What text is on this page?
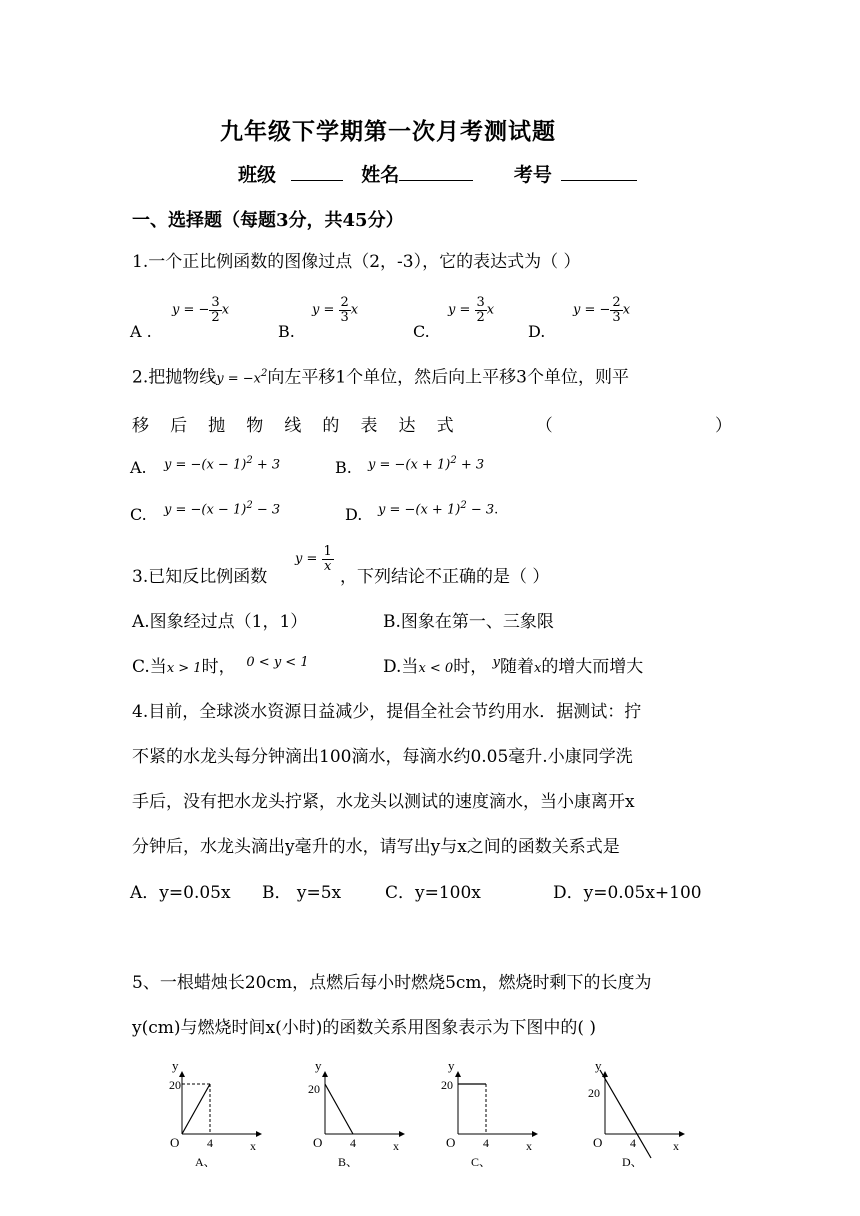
九年级下学期第一次月考测试题
班级	姓名	考号
一、选择题（每题3分，共45分）
1.一个正比例函数的图像过点（2，-3），它的表达式为（ ）
A .
y = − $\frac{3}{2}$ x
B.
$y = \frac{2}{3}$ x
C.
$y = \frac{3}{2}$ x
D.
y = − $\frac{2}{3}$ x
2.把抛物线$y = -x^2$向左平移1个单位，然后向上平移3个单位，则平
移 后 抛 物 线 的 表 达 式	（	）
A. $y = -(x - 1)^2 + 3$	B. $y = -(x + 1)^2 + 3$
C. $y = -(x - 1)^2 - 3$	D. $y = -(x + 1)^2 - 3$.
3.已知反比例函数
$y = \frac{1}{x}$
，下列结论不正确的是（ ）
A.图象经过点（1，1）	B.图象在第一、三象限
C.当x > 1时， $^{0 < y < 1}$	D.当x < 0时， $^y$随着x的增大而增大
4.目前，全球淡水资源日益减少，提倡全社会节约用水．据测试：拧
不紧的水龙头每分钟滴出100滴水，每滴水约0.05毫升.小康同学洗
手后，没有把水龙头拧紧，水龙头以测试的速度滴水，当小康离开x
分钟后，水龙头滴出y毫升的水，请写出y与x之间的函数关系式是
A．y=0.05x B． y=5x	C．y=100x	D．y=0.05x+100
5、一根蜡烛长20cm，点燃后每小时燃烧5cm，燃烧时剩下的长度为
y(cm)与燃烧时间x(小时)的函数关系用图象表示为下图中的( )
y
20
O 4	x
A、
y
20
O 4	x
B、
y
20
O 4	x
C、
y
20
O 4	x
D、
